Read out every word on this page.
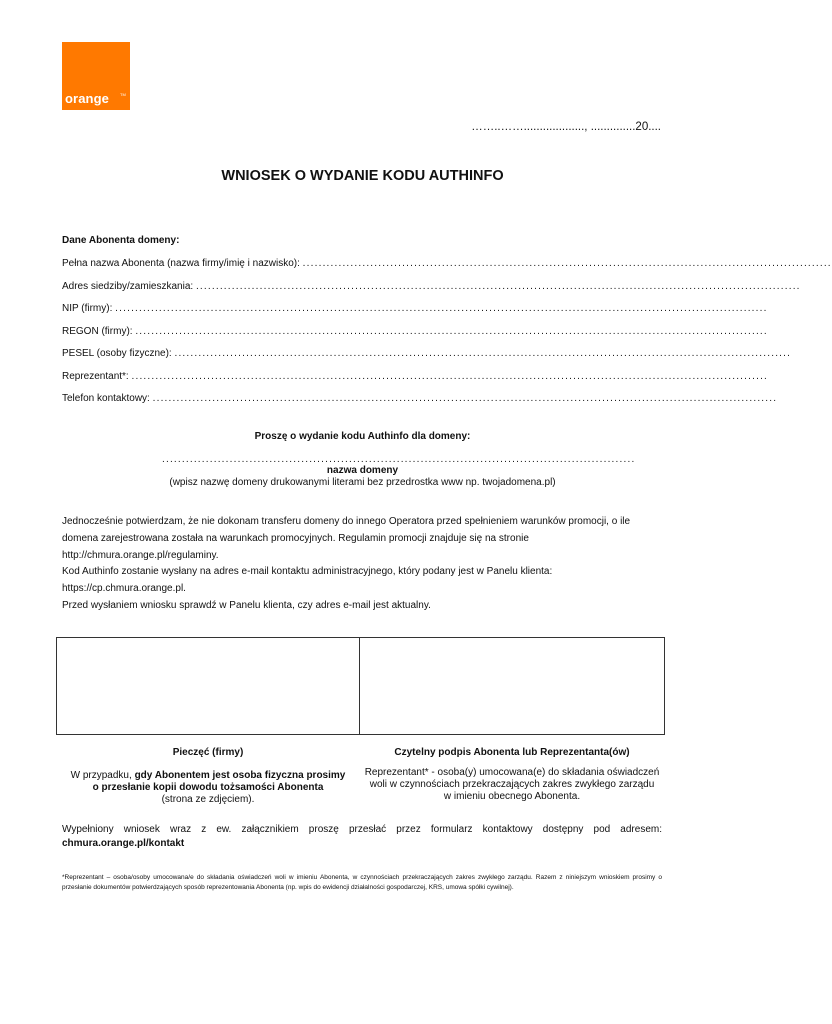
orange	TM
……..……..................., ..............20....
WNIOSEK O WYDANIE KODU AUTHINFO
Dane Abonenta domeny:
Pełna nazwa Abonenta (nazwa firmy/imię i nazwisko): .....................................................................................................................................
Adres siedziby/zamieszkania: ........................................................................................................................................................
NIP (firmy): ....................................................................................................................................................................
REGON (firmy): ...............................................................................................................................................................
PESEL (osoby fizyczne): ...........................................................................................................................................................
Reprezentant*: ................................................................................................................................................................
Telefon kontaktowy: .............................................................................................................................................................
Proszę o wydanie kodu Authinfo dla domeny:
.......................................................................................................................
nazwa domeny
(wpisz nazwę domeny drukowanymi literami bez przedrostka www np. twojadomena.pl)
Jednocześnie potwierdzam, że nie dokonam transferu domeny do innego Operatora przed spełnieniem warunków promocji, o ile domena zarejestrowana została na warunkach promocyjnych. Regulamin promocji znajduje się na stronie http://chmura.orange.pl/regulaminy.
Kod Authinfo zostanie wysłany na adres e-mail kontaktu administracyjnego, który podany jest w Panelu klienta:
https://cp.chmura.orange.pl.
Przed wysłaniem wniosku sprawdź w Panelu klienta, czy adres e-mail jest aktualny.
Pieczęć (firmy)	Czytelny podpis Abonenta lub Reprezentanta(ów)
W przypadku, gdy Abonentem jest osoba fizyczna prosimy
o przesłanie kopii dowodu tożsamości Abonenta
(strona ze zdjęciem).
Reprezentant* - osoba(y) umocowana(e) do składania oświadczeń
woli w czynnościach przekraczających zakres zwykłego zarządu
w imieniu obecnego Abonenta.
Wypełniony wniosek wraz z ew. załącznikiem proszę przesłać przez formularz kontaktowy dostępny pod adresem:
chmura.orange.pl/kontakt
*Reprezentant – osoba/osoby umocowana/e do składania oświadczeń woli w imieniu Abonenta, w czynnościach przekraczających zakres zwykłego zarządu. Razem z niniejszym wnioskiem prosimy o przesłanie dokumentów potwierdzających sposób reprezentowania Abonenta (np. wpis do ewidencji działalności gospodarczej, KRS, umowa spółki cywilnej).
